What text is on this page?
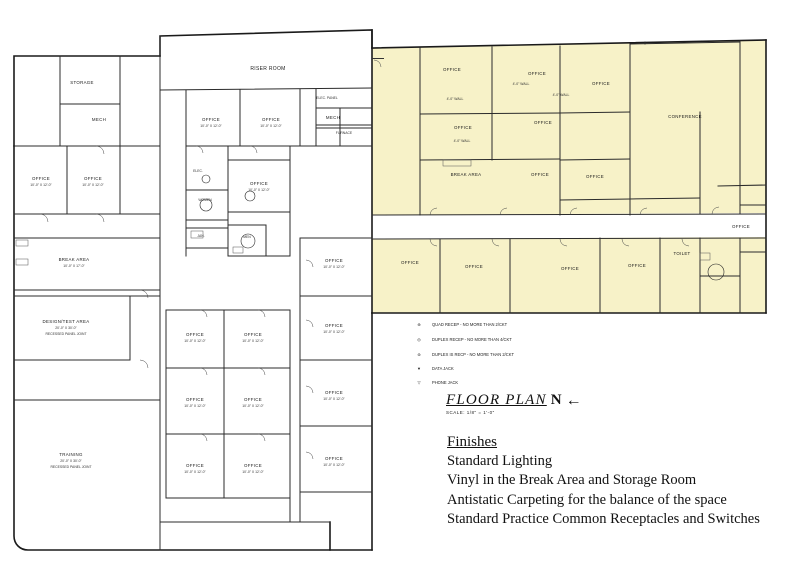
OFFICE
OFFICE
OFFICE
CONFERENCE
OFFICE
OFFICE
BREAK AREA	OFFICE	OFFICE
OFFICE
OFFICE	OFFICE
OFFICE
OFFICE
TOILET
4'-0" WALL
4'-0" WALL
4'-0" WALL
4'-0" WALL
STORAGE
MECH
RISER ROOM
OFFICE
10'-0" X 12'-0"
OFFICE
10'-0" X 12'-0"
MECH
OFFICE
10'-0" X 12'-0"
OFFICE
10'-0" X 12'-0"	OFFICE
10'-0" X 12'-0"
BREAK AREA
10'-0" X 17'-0"
DESIGN/TEST AREA
20'-0" X 30'-0"
RECESSED PANEL JOINT
TRAINING
20'-0" X 30'-0"
RECESSED PANEL JOINT
OFFICE
10'-0" X 12'-0"
OFFICE
10'-0" X 12'-0"
OFFICE
10'-0" X 12'-0"
OFFICE
10'-0" X 12'-0"
OFFICE
10'-0" X 12'-0"
OFFICE
10'-0" X 12'-0"
OFFICE
10'-0" X 12'-0"
OFFICE
10'-0" X 12'-0"
OFFICE
10'-0" X 12'-0"
OFFICE
10'-0" X 12'-0"
JAN.
ELEC.
WOMEN
MEN
ELEC. PANEL
FURNACE
⊕	QUAD RECEP - NO MORE THAN 2/CKT
◎	DUPLEX RECEP - NO MORE THAN 4/CKT
⊛	DUPLEX IS RECP - NO MORE THAN 2/CKT
▼	DATA JACK
▽	PHONE JACK
FLOOR PLAN N ←
SCALE: 1/8" = 1'-0"
Finishes
Standard Lighting
Vinyl in the Break Area and Storage Room
Antistatic Carpeting for the balance of the space
Standard Practice Common Receptacles and Switches
